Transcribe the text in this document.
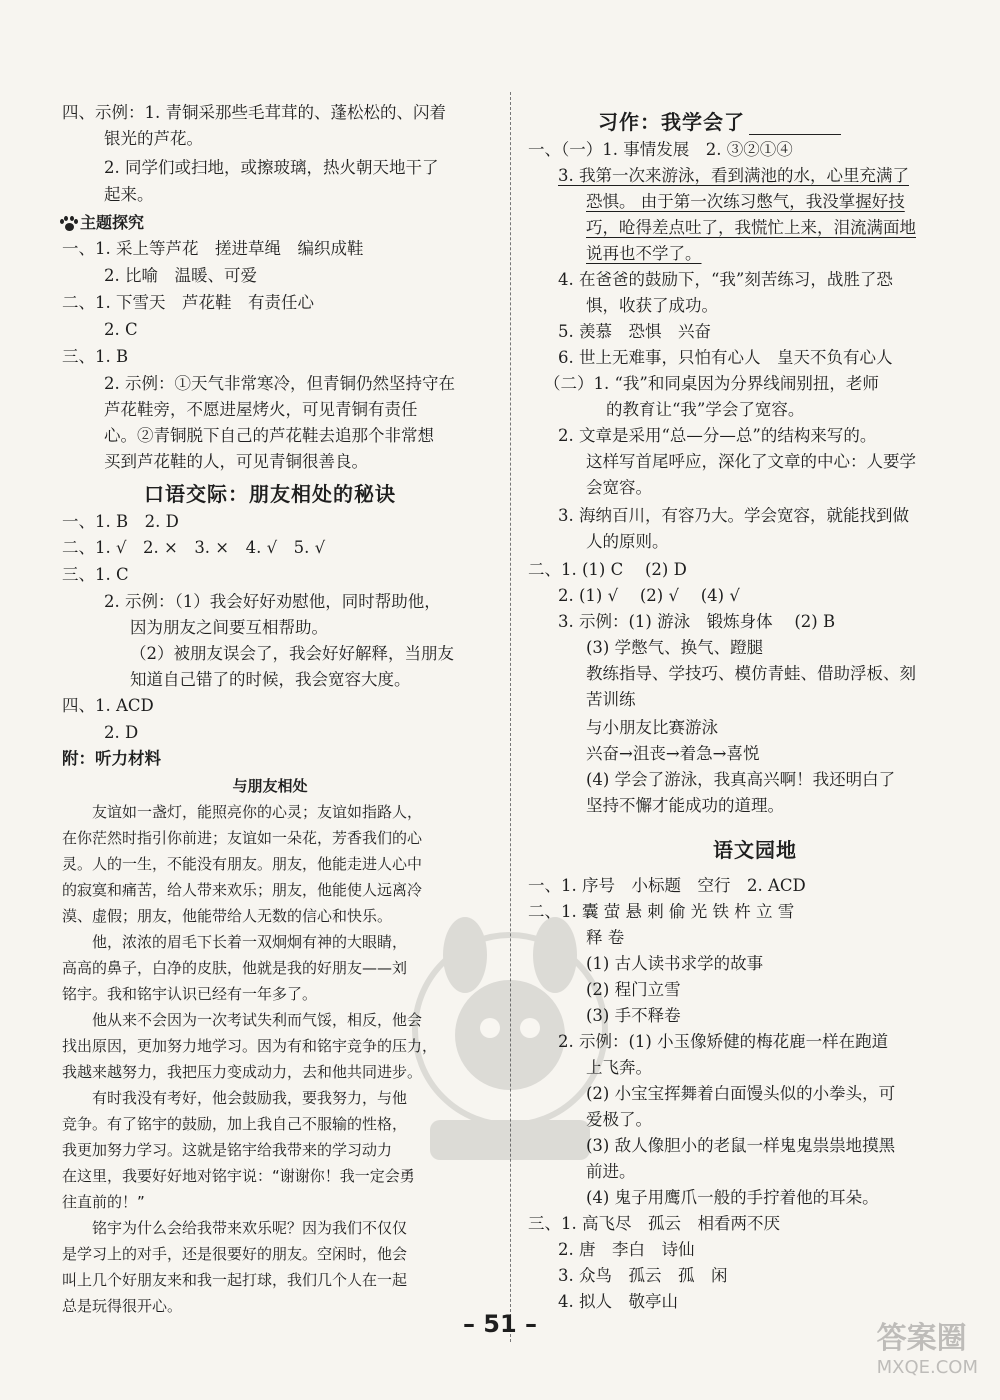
四、示例：1. 青铜采那些毛茸茸的、蓬松松的、闪着
银光的芦花。
2. 同学们或扫地，或擦玻璃，热火朝天地干了
起来。
主题探究
一、1. 采上等芦花　搓进草绳　编织成鞋
2. 比喻　温暖、可爱
二、1. 下雪天　芦花鞋　有责任心
2. C
三、1. B
2. 示例：①天气非常寒冷，但青铜仍然坚持守在
芦花鞋旁，不愿进屋烤火，可见青铜有责任
心。②青铜脱下自己的芦花鞋去追那个非常想
买到芦花鞋的人，可见青铜很善良。
口语交际：朋友相处的秘诀
一、1. B　2. D
二、1. √　2. ×　3. ×　4. √　5. √
三、1. C
2. 示例：（1）我会好好劝慰他，同时帮助他，
因为朋友之间要互相帮助。
（2）被朋友误会了，我会好好解释，当朋友
知道自己错了的时候，我会宽容大度。
四、1. ACD
2. D
附：听力材料
与朋友相处
友谊如一盏灯，能照亮你的心灵；友谊如指路人，
在你茫然时指引你前进；友谊如一朵花，芳香我们的心
灵。人的一生，不能没有朋友。朋友，他能走进人心中
的寂寞和痛苦，给人带来欢乐；朋友，他能使人远离冷
漠、虚假；朋友，他能带给人无数的信心和快乐。
他，浓浓的眉毛下长着一双炯炯有神的大眼睛，
高高的鼻子，白净的皮肤，他就是我的好朋友——刘
铭宇。我和铭宇认识已经有一年多了。
他从来不会因为一次考试失利而气馁，相反，他会
找出原因，更加努力地学习。因为有和铭宇竞争的压力，
我越来越努力，我把压力变成动力，去和他共同进步。
有时我没有考好，他会鼓励我，要我努力，与他
竞争。有了铭宇的鼓励，加上我自己不服输的性格，
我更加努力学习。这就是铭宇给我带来的学习动力
在这里，我要好好地对铭宇说：“谢谢你！我一定会勇
往直前的！”
铭宇为什么会给我带来欢乐呢？因为我们不仅仅
是学习上的对手，还是很要好的朋友。空闲时，他会
叫上几个好朋友来和我一起打球，我们几个人在一起
总是玩得很开心。
习作：我学会了
一、（一）1. 事情发展　2. ③②①④
3. 我第一次来游泳，看到满池的水，心里充满了
恐惧。 由于第一次练习憋气，我没掌握好技
巧，呛得差点吐了，我慌忙上来，泪流满面地
说再也不学了。
4. 在爸爸的鼓励下，“我”刻苦练习，战胜了恐
惧，收获了成功。
5. 羡慕　恐惧　兴奋
6. 世上无难事，只怕有心人　皇天不负有心人
（二）1. “我”和同桌因为分界线闹别扭，老师
的教育让“我”学会了宽容。
2. 文章是采用“总—分—总”的结构来写的。
这样写首尾呼应，深化了文章的中心：人要学
会宽容。
3. 海纳百川，有容乃大。学会宽容，就能找到做
人的原则。
二、1. (1) C　 (2) D
2. (1) √　 (2) √　 (4) √
3. 示例：(1) 游泳　锻炼身体　 (2) B
(3) 学憋气、换气、蹬腿
教练指导、学技巧、模仿青蛙、借助浮板、刻
苦训练
与小朋友比赛游泳
兴奋→沮丧→着急→喜悦
(4) 学会了游泳，我真高兴啊！我还明白了
坚持不懈才能成功的道理。
语文园地
一、1. 序号　小标题　空行　2. ACD
二、1. 囊 萤 悬 刺 偷 光 铁 杵 立 雪
释 卷
(1) 古人读书求学的故事
(2) 程门立雪
(3) 手不释卷
2. 示例：(1) 小玉像矫健的梅花鹿一样在跑道
上飞奔。
(2) 小宝宝挥舞着白面馒头似的小拳头，可
爱极了。
(3) 敌人像胆小的老鼠一样鬼鬼祟祟地摸黑
前进。
(4) 鬼子用鹰爪一般的手拧着他的耳朵。
三、1. 高飞尽　孤云　相看两不厌
2. 唐　李白　诗仙
3. 众鸟　孤云　孤　闲
4. 拟人　敬亭山
– 51 –	答案圈
MXQE.COM
